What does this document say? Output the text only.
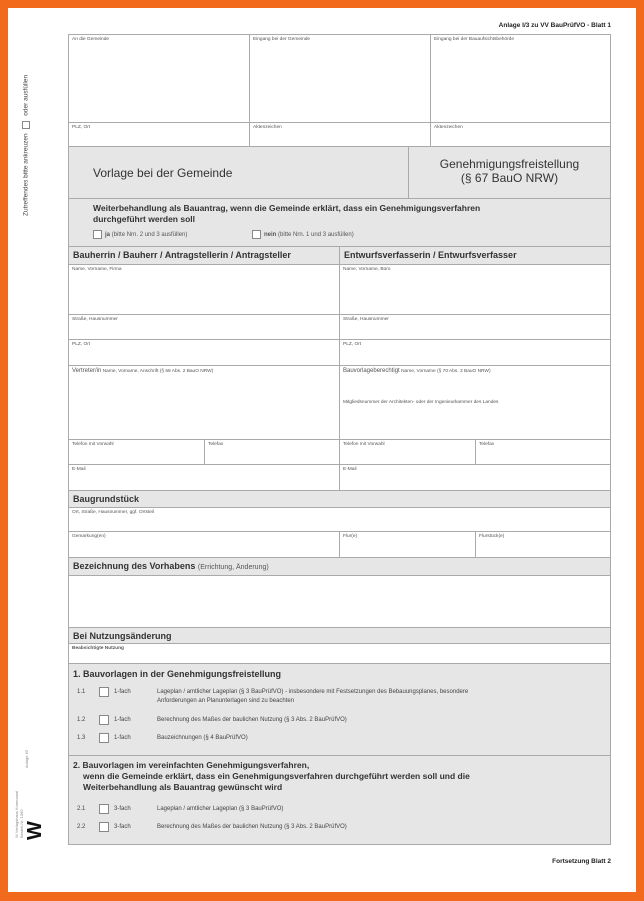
Zutreffendes bitte ankreuzen  oder ausfüllen
W Verlagshaus Kommunal Bestell-Nr. 1060
Anlage I/3
W
Anlage I/3 zu VV BauPrüfVO - Blatt 1
An die Gemeinde	Eingang bei der Gemeinde	Eingang bei der Bauaufsichtsbehörde
PLZ, Ort	Aktenzeichen	Aktenzeichen
Vorlage bei der Gemeinde
Genehmigungsfreistellung
(§ 67 BauO NRW)
Weiterbehandlung als Bauantrag, wenn die Gemeinde erklärt, dass ein Genehmigungsverfahren
durchgeführt werden soll
ja (bitte Nrn. 2 und 3 ausfüllen)	nein (bitte Nrn. 1 und 3 ausfüllen)
Bauherrin / Bauherr / Antragstellerin / Antragsteller	Entwurfsverfasserin / Entwurfsverfasser
Name, Vorname, Firma	Name, Vorname, Büro
Straße, Hausnummer	Straße, Hausnummer
PLZ, Ort	PLZ, Ort
Vertreter/in Name, Vorname, Anschrift (§ 58 Abs. 2 BauO NRW)	Bauvorlageberechtigt Name, Vorname (§ 70 Abs. 3 BauO NRW)
Mitgliedsnummer der Architekten- oder der Ingenieurkammer des Landes
Telefon mit Vorwahl	Telefax	Telefon mit Vorwahl	Telefax
E-Mail	E-Mail
Baugrundstück
Ort, Straße, Hausnummer, ggf. Ortsteil
Gemarkung(en)	Flur(e)	Flurstück(e)
Bezeichnung des Vorhabens (Errichtung, Änderung)
Bei Nutzungsänderung
Beabsichtigte Nutzung
1. Bauvorlagen in der Genehmigungsfreistellung
1.1	1-fach	Lageplan / amtlicher Lageplan (§ 3 BauPrüfVO) - insbesondere mit Festsetzungen des Bebauungsplanes, besondere
Anforderungen an Planunterlagen sind zu beachten
1.2	1-fach	Berechnung des Maßes der baulichen Nutzung (§ 3 Abs. 2 BauPrüfVO)
1.3	1-fach	Bauzeichnungen (§ 4 BauPrüfVO)
2. Bauvorlagen im vereinfachten Genehmigungsverfahren,
wenn die Gemeinde erklärt, dass ein Genehmigungsverfahren durchgeführt werden soll und die
Weiterbehandlung als Bauantrag gewünscht wird
2.1	3-fach	Lageplan / amtlicher Lageplan (§ 3 BauPrüfVO)
2.2	3-fach	Berechnung des Maßes der baulichen Nutzung (§ 3 Abs. 2 BauPrüfVO)
Fortsetzung Blatt 2
